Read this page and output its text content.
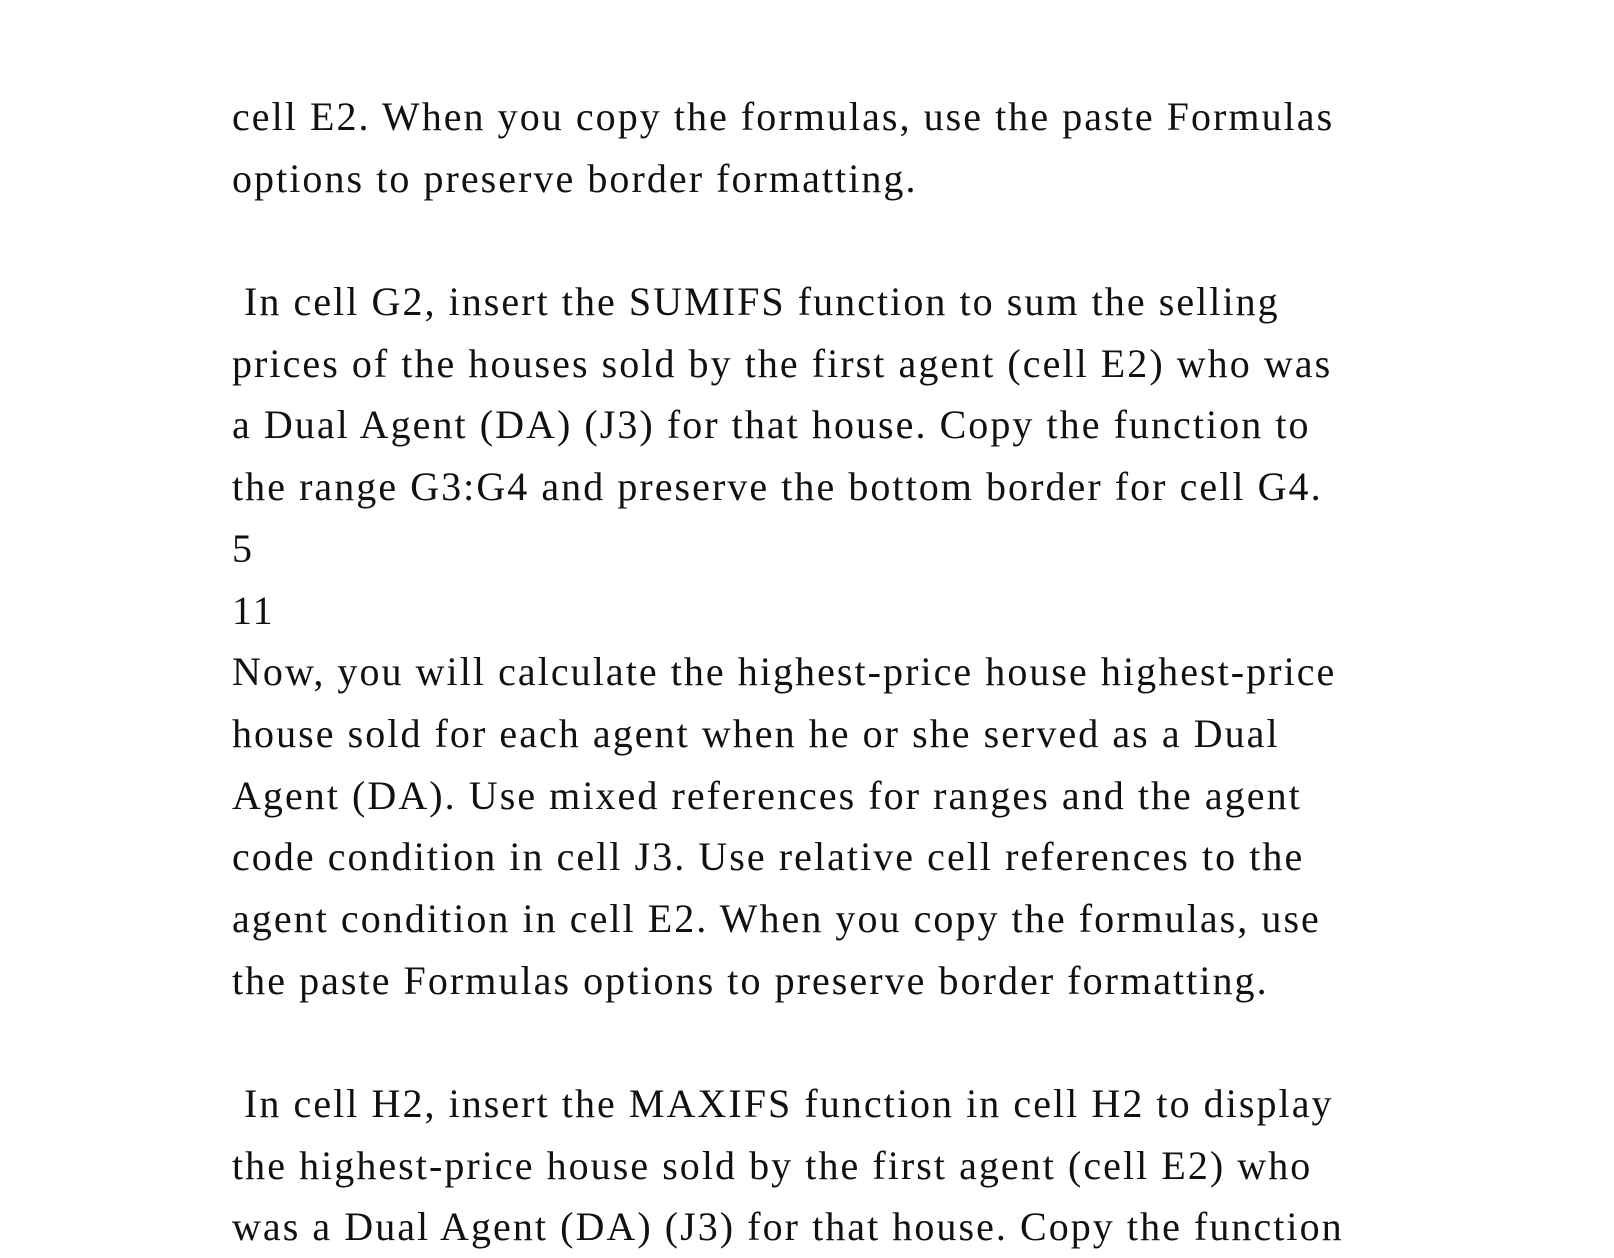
cell E2. When you copy the formulas, use the paste Formulas
options to preserve border formatting.
In cell G2, insert the SUMIFS function to sum the selling
prices of the houses sold by the first agent (cell E2) who was
a Dual Agent (DA) (J3) for that house. Copy the function to
the range G3:G4 and preserve the bottom border for cell G4.
5
11
Now, you will calculate the highest-price house highest-price
house sold for each agent when he or she served as a Dual
Agent (DA). Use mixed references for ranges and the agent
code condition in cell J3. Use relative cell references to the
agent condition in cell E2. When you copy the formulas, use
the paste Formulas options to preserve border formatting.
In cell H2, insert the MAXIFS function in cell H2 to display
the highest-price house sold by the first agent (cell E2) who
was a Dual Agent (DA) (J3) for that house. Copy the function
